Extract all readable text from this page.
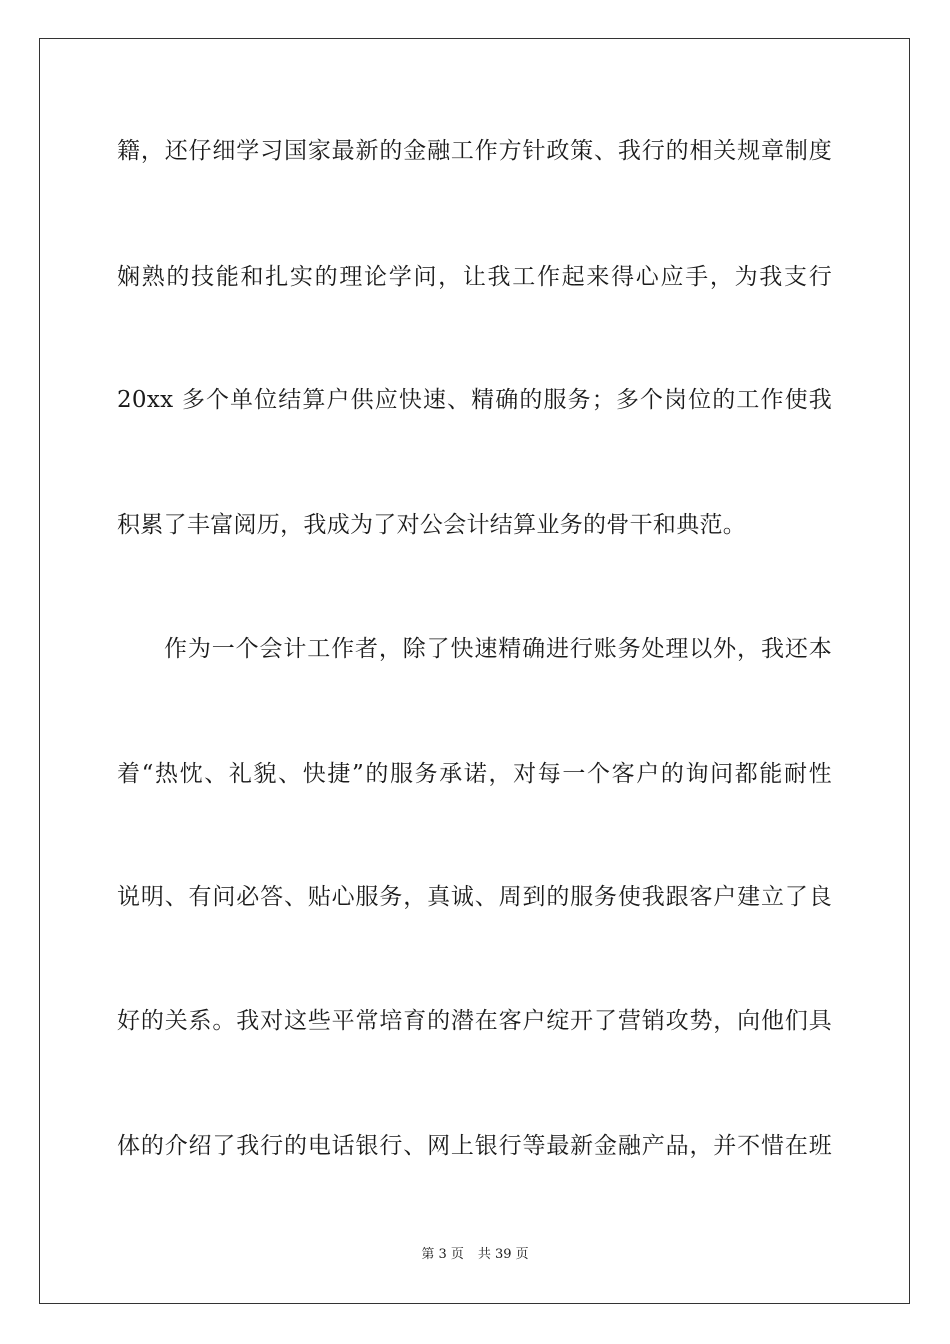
籍，还仔细学习国家最新的金融工作方针政策、我行的相关规章制度
娴熟的技能和扎实的理论学问，让我工作起来得心应手，为我支行
20xx 多个单位结算户供应快速、精确的服务；多个岗位的工作使我
积累了丰富阅历，我成为了对公会计结算业务的骨干和典范。
作为一个会计工作者，除了快速精确进行账务处理以外，我还本
着“热忱、礼貌、快捷”的服务承诺，对每一个客户的询问都能耐性
说明、有问必答、贴心服务，真诚、周到的服务使我跟客户建立了良
好的关系。我对这些平常培育的潜在客户绽开了营销攻势，向他们具
体的介绍了我行的电话银行、网上银行等最新金融产品，并不惜在班
第 3 页 共 39 页
